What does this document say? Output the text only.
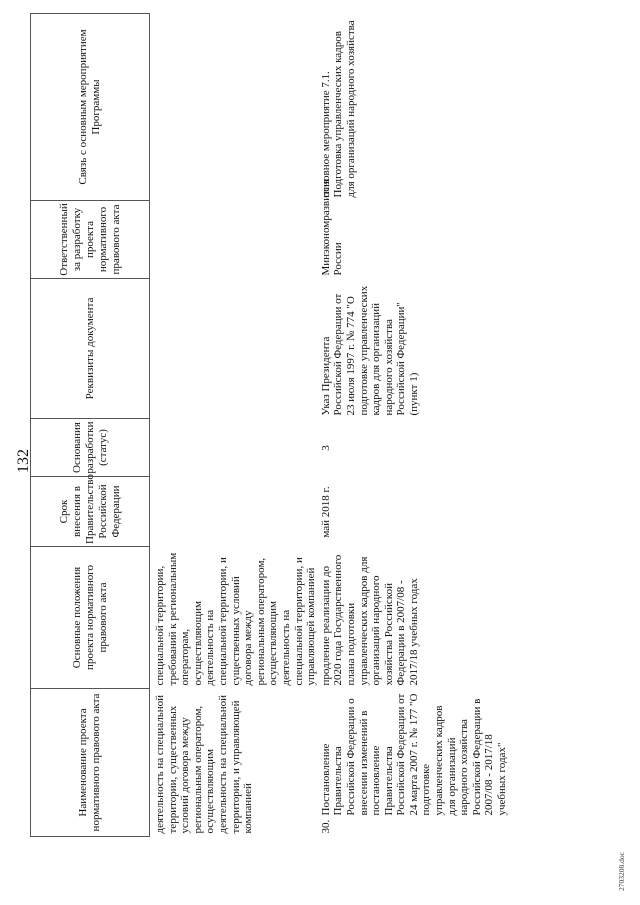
132
Наименование проекта нормативного правового акта	Основные положения проекта нормативного правового акта	Срок внесения в Правительство Российской Федерации	Основания разработки (статус)	Реквизиты документа	Ответственный за разработку проекта нормативного правового акта	Связь с основным мероприятием Программы
деятельность на специальной территории, существенных условий договора между региональным оператором, осуществляющим деятельность на специальной территории, и управляющей компанией	специальной территории, требований к региональным операторам, осуществляющим деятельность на специальной территории, и существенных условий договора между региональным оператором, осуществляющим деятельность на специальной территории, и управляющей компанией					

30.
Постановление Правительства Российской Федерации о внесении изменений в постановление Правительства Российской Федерации от 24 марта 2007 г. № 177 "О подготовке управленческих кадров для организаций народного хозяйства Российской Федерации в 2007/08 - 2017/18 учебных годах"	продление реализации до 2020 года Государственного плана подготовки управленческих кадров для организаций народного хозяйства Российской Федерации в 2007/08 - 2017/18 учебных годах	май 2018 г.	3	Указ Президента Российской Федерации от 23 июля 1997 г. № 774 "О подготовке управленческих кадров для организаций народного хозяйства Российской Федерации" (пункт 1)	Минэкономразвития России	основное мероприятие 7.1. Подготовка управленческих кадров для организаций народного хозяйства
2703208.doc
